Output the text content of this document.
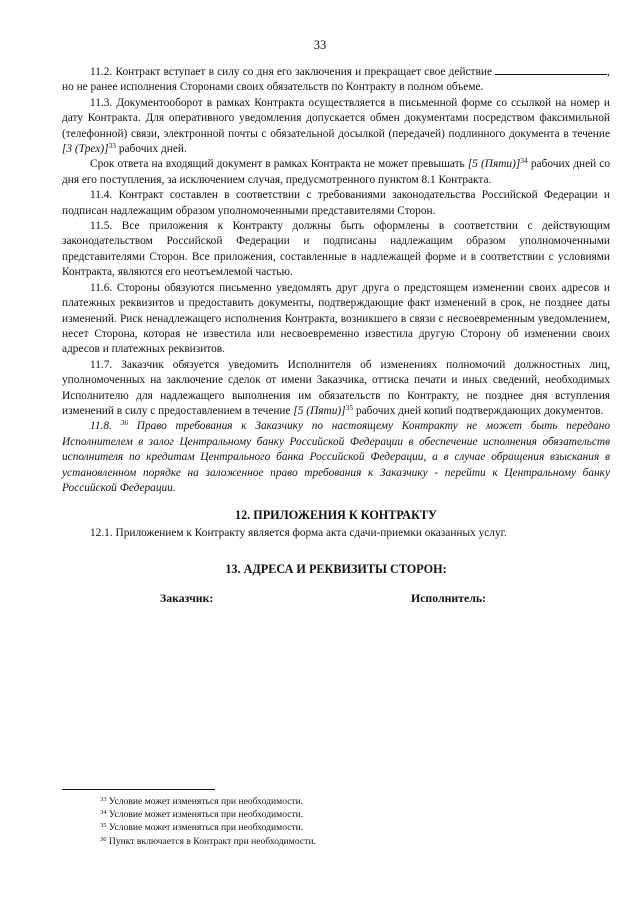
33

11.2. Контракт вступает в силу со дня его заключения и прекращает свое действие	, но не ранее исполнения Сторонами своих обязательств по Контракту в полном объеме.

11.3. Документооборот в рамках Контракта осуществляется в письменной форме со ссылкой на номер и дату Контракта. Для оперативного уведомления допускается обмен документами посредством факсимильной (телефонной) связи, электронной почты с обязательной досылкой (передачей) подлинного документа в течение [3 (Трех)]$^{33}$ рабочих дней.

Срок ответа на входящий документ в рамках Контракта не может превышать [5 (Пяти)]$^{34}$ рабочих дней со дня его поступления, за исключением случая, предусмотренного пунктом 8.1 Контракта.

11.4. Контракт составлен в соответствии с требованиями законодательства Российской Федерации и подписан надлежащим образом уполномоченными представителями Сторон.

11.5. Все приложения к Контракту должны быть оформлены в соответствии с действующим законодательством Российской Федерации и подписаны надлежащим образом уполномоченными представителями Сторон. Все приложения, составленные в надлежащей форме и в соответствии с условиями Контракта, являются его неотъемлемой частью.

11.6. Стороны обязуются письменно уведомлять друг друга о предстоящем изменении своих адресов и платежных реквизитов и предоставить документы, подтверждающие факт изменений в срок, не позднее даты изменений. Риск ненадлежащего исполнения Контракта, возникшего в связи с несвоевременным уведомлением, несет Сторона, которая не известила или несвоевременно известила другую Сторону об изменении своих адресов и платежных реквизитов.

11.7. Заказчик обязуется уведомить Исполнителя об изменениях полномочий должностных лиц, уполномоченных на заключение сделок от имени Заказчика, оттиска печати и иных сведений, необходимых Исполнителю для надлежащего выполнения им обязательств по Контракту, не позднее дня вступления изменений в силу с предоставлением в течение [5 (Пяти)]$^{35}$ рабочих дней копий подтверждающих документов.

11.8. $^{36}$ Право требования к Заказчику по настоящему Контракту не может быть передано Исполнителем в залог Центральному банку Российской Федерации в обеспечение исполнения обязательств исполнителя по кредитам Центрального банка Российской Федерации, а в случае обращения взыскания в установленном порядке на заложенное право требования к Заказчику - перейти к Центральному банку Российской Федерации.

12. ПРИЛОЖЕНИЯ К КОНТРАКТУ

12.1. Приложением к Контракту является форма акта сдачи-приемки оказанных услуг.

13. АДРЕСА И РЕКВИЗИТЫ СТОРОН:
Заказчик:	Исполнитель:
$^{33}$ Условие может изменяться при необходимости.
$^{34}$ Условие может изменяться при необходимости.
$^{35}$ Условие может изменяться при необходимости.
$^{36}$ Пункт включается в Контракт при необходимости.
